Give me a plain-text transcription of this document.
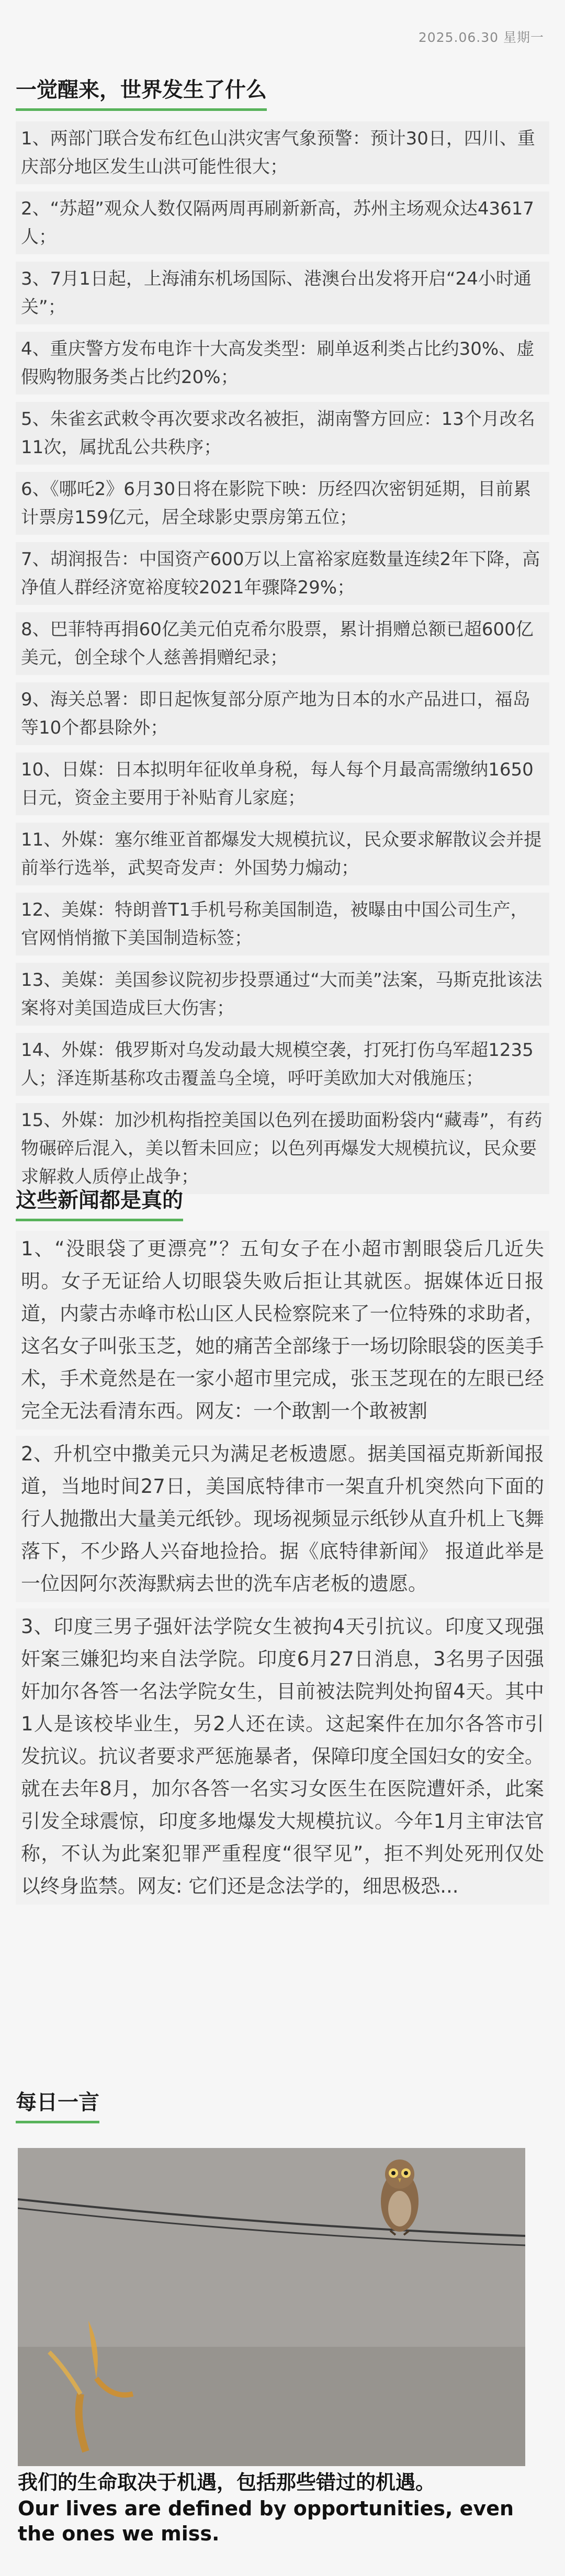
2025.06.30 星期一
一觉醒来，世界发生了什么
1、两部门联合发布红色山洪灾害气象预警：预计30日，四川、重庆部分地区发生山洪可能性很大；
2、“苏超”观众人数仅隔两周再刷新新高，苏州主场观众达43617人；
3、7月1日起，上海浦东机场国际、港澳台出发将开启“24小时通关”；
4、重庆警方发布电诈十大高发类型：刷单返利类占比约30%、虚假购物服务类占比约20%；
5、朱雀玄武敕令再次要求改名被拒，湖南警方回应：13个月改名11次，属扰乱公共秩序；
6、《哪吒2》6月30日将在影院下映：历经四次密钥延期，目前累计票房159亿元，居全球影史票房第五位；
7、胡润报告：中国资产600万以上富裕家庭数量连续2年下降，高净值人群经济宽裕度较2021年骤降29%；
8、巴菲特再捐60亿美元伯克希尔股票，累计捐赠总额已超600亿美元，创全球个人慈善捐赠纪录；
9、海关总署：即日起恢复部分原产地为日本的水产品进口，福岛等10个都县除外；
10、日媒：日本拟明年征收单身税，每人每个月最高需缴纳1650日元，资金主要用于补贴育儿家庭；
11、外媒：塞尔维亚首都爆发大规模抗议，民众要求解散议会并提前举行选举，武契奇发声：外国势力煽动；
12、美媒：特朗普T1手机号称美国制造，被曝由中国公司生产，官网悄悄撤下美国制造标签；
13、美媒：美国参议院初步投票通过“大而美”法案，马斯克批该法案将对美国造成巨大伤害；
14、外媒：俄罗斯对乌发动最大规模空袭，打死打伤乌军超1235人；泽连斯基称攻击覆盖乌全境，呼吁美欧加大对俄施压；
15、外媒：加沙机构指控美国以色列在援助面粉袋内“藏毒”，有药物碾碎后混入，美以暂未回应；以色列再爆发大规模抗议，民众要求解救人质停止战争；
这些新闻都是真的
1、“没眼袋了更漂亮”？五旬女子在小超市割眼袋后几近失明。女子无证给人切眼袋失败后拒让其就医。据媒体近日报道，内蒙古赤峰市松山区人民检察院来了一位特殊的求助者，这名女子叫张玉芝，她的痛苦全部缘于一场切除眼袋的医美手术，手术竟然是在一家小超市里完成，张玉芝现在的左眼已经完全无法看清东西。网友：一个敢割一个敢被割
2、升机空中撒美元只为满足老板遗愿。据美国福克斯新闻报道，当地时间27日，美国底特律市一架直升机突然向下面的行人抛撒出大量美元纸钞。现场视频显示纸钞从直升机上飞舞落下，不少路人兴奋地捡拾。据《底特律新闻》 报道此举是一位因阿尔茨海默病去世的洗车店老板的遗愿。
3、印度三男子强奸法学院女生被拘4天引抗议。印度又现强奸案三嫌犯均来自法学院。印度6月27日消息，3名男子因强奸加尔各答一名法学院女生，目前被法院判处拘留4天。其中1人是该校毕业生，另2人还在读。这起案件在加尔各答市引发抗议。抗议者要求严惩施暴者，保障印度全国妇女的安全。就在去年8月，加尔各答一名实习女医生在医院遭奸杀，此案引发全球震惊，印度多地爆发大规模抗议。今年1月主审法官称，不认为此案犯罪严重程度“很罕见”，拒不判处死刑仅处以终身监禁。网友: 它们还是念法学的，细思极恐...
每日一言
我们的生命取决于机遇，包括那些错过的机遇。
Our lives are defined by opportunities, even the ones we miss.
